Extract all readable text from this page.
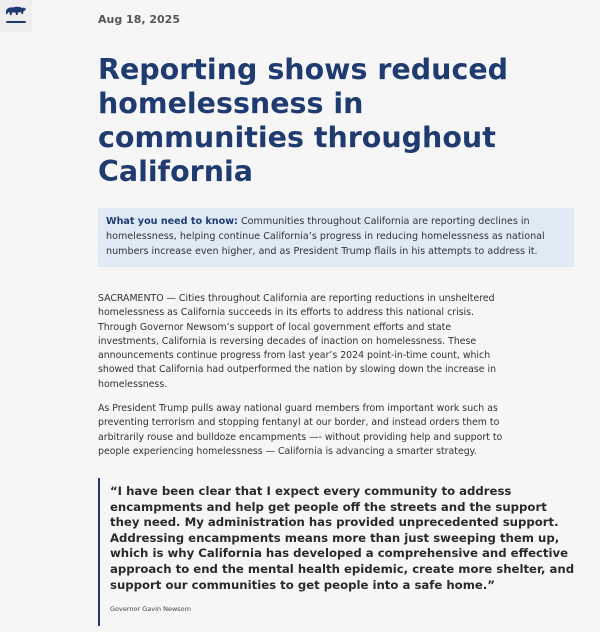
Aug 18, 2025
Reporting shows reduced homelessness in communities throughout California
What you need to know: Communities throughout California are reporting declines in homelessness, helping continue California’s progress in reducing homelessness as national numbers increase even higher, and as President Trump flails in his attempts to address it.

SACRAMENTO — Cities throughout California are reporting reductions in unsheltered homelessness as California succeeds in its efforts to address this national crisis. Through Governor Newsom’s support of local government efforts and state investments, California is reversing decades of inaction on homelessness. These announcements continue progress from last year’s 2024 point-in-time count, which showed that California had outperformed the nation by slowing down the increase in homelessness.

As President Trump pulls away national guard members from important work such as preventing terrorism and stopping fentanyl at our border, and instead orders them to arbitrarily rouse and bulldoze encampments —- without providing help and support to people experiencing homelessness — California is advancing a smarter strategy.

“I have been clear that I expect every community to address encampments and help get people off the streets and the support they need. My administration has provided unprecedented support. Addressing encampments means more than just sweeping them up, which is why California has developed a comprehensive and effective approach to end the mental health epidemic, create more shelter, and support our communities to get people into a safe home.”

Governor Gavin Newsom
